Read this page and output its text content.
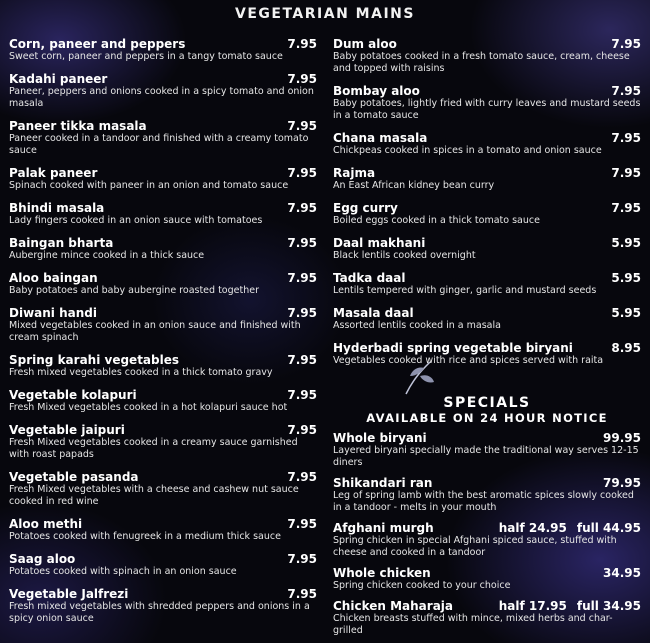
VEGETARIAN MAINS
Corn, paneer and peppers	7.95
Sweet corn, paneer and peppers in a tangy tomato sauce
Kadahi paneer	7.95
Paneer, peppers and onions cooked in a spicy tomato and onion masala
Paneer tikka masala	7.95
Paneer cooked in a tandoor and finished with a creamy tomato sauce
Palak paneer	7.95
Spinach cooked with paneer in an onion and tomato sauce
Bhindi masala	7.95
Lady fingers cooked in an onion sauce with tomatoes
Baingan bharta	7.95
Aubergine mince cooked in a thick sauce
Aloo baingan	7.95
Baby potatoes and baby aubergine roasted together
Diwani handi	7.95
Mixed vegetables cooked in an onion sauce and finished with cream spinach
Spring karahi vegetables	7.95
Fresh mixed vegetables cooked in a thick tomato gravy
Vegetable kolapuri	7.95
Fresh Mixed vegetables cooked in a hot kolapuri sauce hot
Vegetable jaipuri	7.95
Fresh Mixed vegetables cooked in a creamy sauce garnished with roast papads
Vegetable pasanda	7.95
Fresh Mixed vegetables with a cheese and cashew nut sauce cooked in red wine
Aloo methi	7.95
Potatoes cooked with fenugreek in a medium thick sauce
Saag aloo	7.95
Potatoes cooked with spinach in an onion sauce
Vegetable Jalfrezi	7.95
Fresh mixed vegetables with shredded peppers and onions in a spicy onion sauce
Dum aloo	7.95
Baby potatoes cooked in a fresh tomato sauce, cream, cheese and topped with raisins
Bombay aloo	7.95
Baby potatoes, lightly fried with curry leaves and mustard seeds in a tomato sauce
Chana masala	7.95
Chickpeas cooked in spices in a tomato and onion sauce
Rajma	7.95
An East African kidney bean curry
Egg curry	7.95
Boiled eggs cooked in a thick tomato sauce
Daal makhani	5.95
Black lentils cooked overnight
Tadka daal	5.95
Lentils tempered with ginger, garlic and mustard seeds
Masala daal	5.95
Assorted lentils cooked in a masala
Hyderbadi spring vegetable biryani	8.95
Vegetables cooked with rice and spices served with raita
SPECIALS
AVAILABLE ON 24 HOUR NOTICE
Whole biryani	99.95
Layered biryani specially made the traditional way serves 12-15 diners
Shikandari ran	79.95
Leg of spring lamb with the best aromatic spices slowly cooked in a tandoor - melts in your mouth
Afghani murgh	half 24.95 full 44.95
Spring chicken in special Afghani spiced sauce, stuffed with cheese and cooked in a tandoor
Whole chicken	34.95
Spring chicken cooked to your choice
Chicken Maharaja	half 17.95 full 34.95
Chicken breasts stuffed with mince, mixed herbs and char-grilled
